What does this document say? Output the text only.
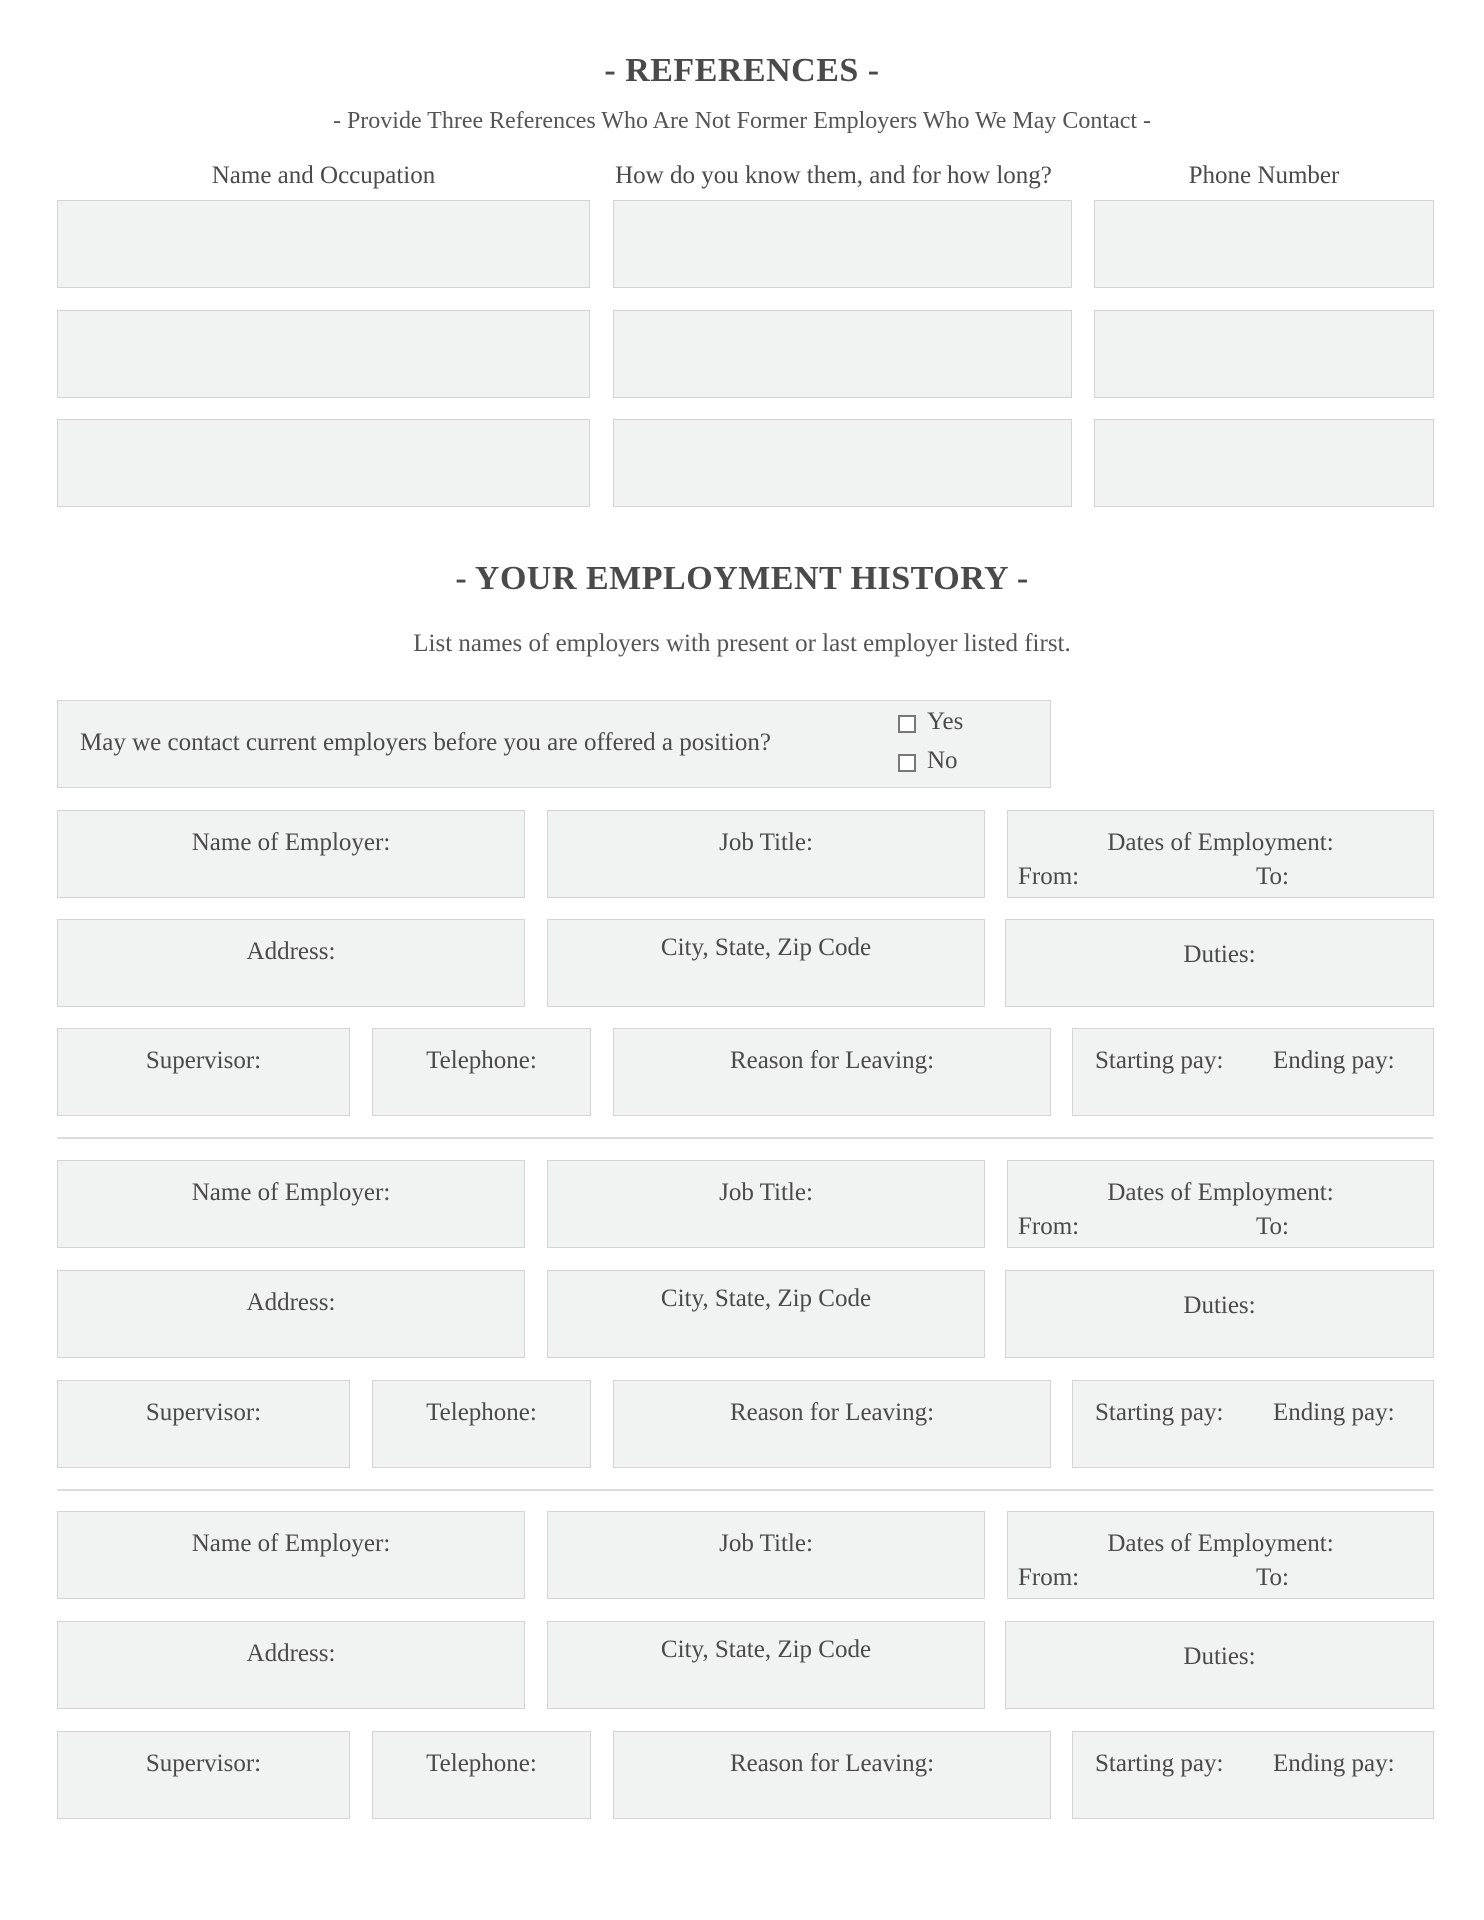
- REFERENCES -
- Provide Three References Who Are Not Former Employers Who We May Contact -
Name and Occupation	How do you know them, and for how long?	Phone Number
- YOUR EMPLOYMENT HISTORY -
List names of employers with present or last employer listed first.
May we contact current employers before you are offered a position?
Yes
No
Name of Employer:	Job Title:	Dates of Employment:
From:	To:
Address:	City, State, Zip Code	Duties:
Supervisor:	Telephone:	Reason for Leaving:	Starting pay: Ending pay:
Name of Employer:	Job Title:	Dates of Employment:
From:	To:
Address:	City, State, Zip Code	Duties:
Supervisor:	Telephone:	Reason for Leaving:	Starting pay: Ending pay:
Name of Employer:	Job Title:	Dates of Employment:
From:	To:
Address:	City, State, Zip Code	Duties:
Supervisor:	Telephone:	Reason for Leaving:	Starting pay: Ending pay:
